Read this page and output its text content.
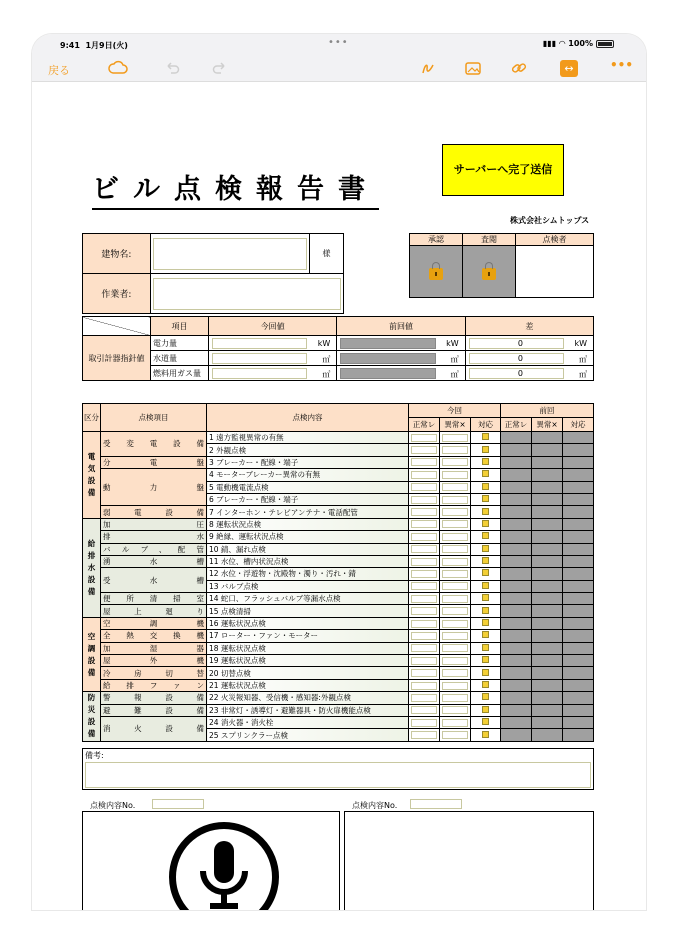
9:41 1月9日(火)	•••	▮▮▮ ◠ 100%
戻る	↔	•••
ビル点検報告書
サーバーへ完了送信
株式会社シムトップス
建物名:		様
作業者:		
承認	査閲	点検者

	項目	今回値	前回値	差
取引計器指針値	電力量	kW	kW	0 kW

	水道量	㎥	㎥	0 ㎥

	燃料用ガス量	㎥	㎥	0 ㎥
区分	点検項目	点検内容	今回			前回		
			正常レ	異常×	対応	正常レ	異常×	対応
電
気
設
備	受変電設備	1 遠方監視異常の有無	

		2 外観点検	

	分電盤	3 ブレーカー・配線・端子	

	動力盤	4 モーターブレーカー異常の有無	

		5 電動機電流点検	

		6 ブレーカー・配線・端子	

	弱電設備	7 インターホン・テレビアンテナ・電話配管	

給
排
水
設
備	加圧	8 運転状況点検	

	排水	9 絶縁、運転状況点検	

	バルブ、配管	10 錆、漏れ点検	

	湧水槽	11 水位、槽内状況点検	

	受水槽	12 水位・浮遊物・沈殿物・濁り・汚れ・錆	

		13 バルブ点検	

	便所清掃室	14 蛇口、フラッシュバルブ等漏水点検	

	屋上廻り	15 点検清掃	

空
調
設
備	空調機	16 運転状況点検	

	全熱交換機	17 ローター・ファン・モーター	

	加湿器	18 運転状況点検	

	屋外機	19 運転状況点検	

	冷房切替	20 切替点検	

	給排ファン	21 運転状況点検	

防
災
設
備	警報設備	22 火災報知器、受信機・感知器:外観点検	

	避難設備	23 非常灯・誘導灯・避難器具・防火扉機能点検	

	消火設備	24 消火器・消火栓	

		25 スプリンクラー点検	

備考:
点検内容No.	点検内容No.
